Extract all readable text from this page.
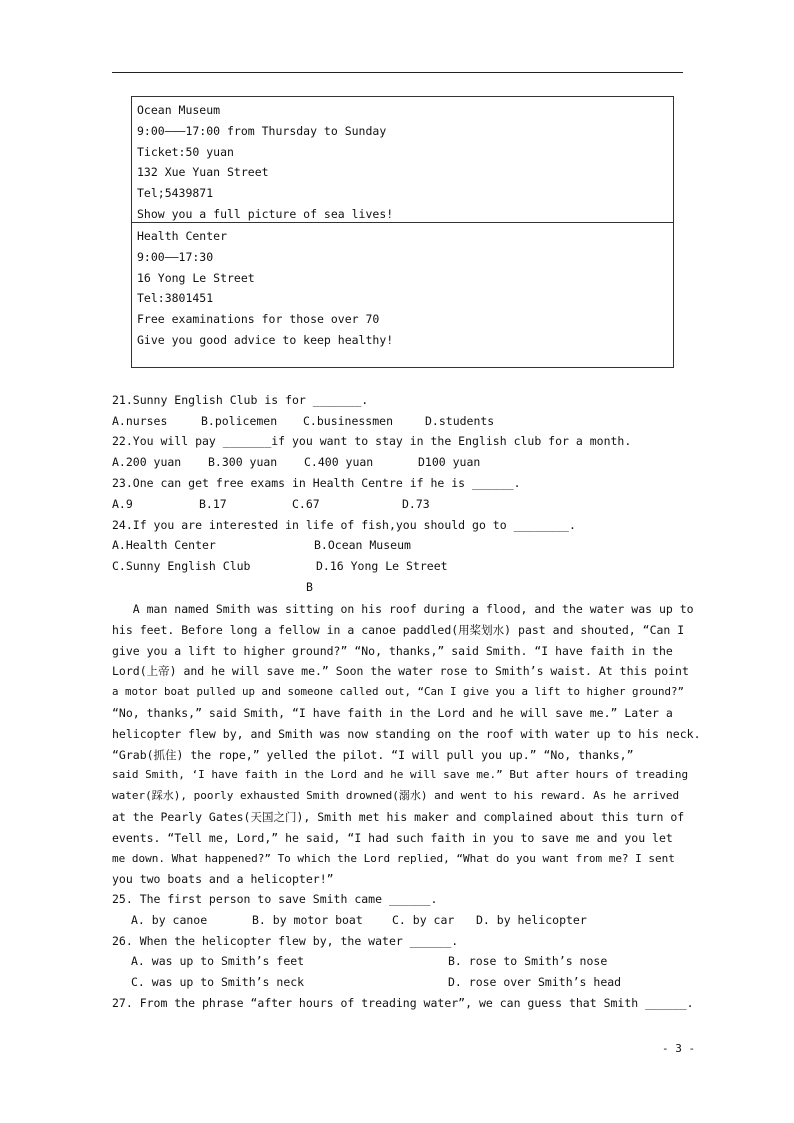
Ocean Museum
9:00———17:00 from Thursday to Sunday
Ticket:50 yuan
132 Xue Yuan Street
Tel;5439871
Show you a full picture of sea lives!
Health Center
9:00——17:30
16 Yong Le Street
Tel:3801451
Free examinations for those over 70
Give you good advice to keep healthy!
21.Sunny English Club is for _______.
A.nurses	B.policemen C.businessmen	D.students
22.You will pay _______if you want to stay in the English club for a month.
A.200 yuan B.300 yuan C.400 yuan	D100 yuan
23.One can get free exams in Health Centre if he is ______.
A.9	B.17	C.67	D.73
24.If you are interested in life of fish,you should go to ________.
A.Health Center	B.Ocean Museum
C.Sunny English Club	D.16 Yong Le Street
B
A man named Smith was sitting on his roof during a flood, and the water was up to
his feet. Before long a fellow in a canoe paddled(用桨划水) past and shouted, “Can I
give you a lift to higher ground?” “No, thanks,” said Smith. “I have faith in the
Lord(上帝) and he will save me.” Soon the water rose to Smith’s waist. At this point
a motor boat pulled up and someone called out, “Can I give you a lift to higher ground?”
“No, thanks,” said Smith, “I have faith in the Lord and he will save me.” Later a
helicopter flew by, and Smith was now standing on the roof with water up to his neck.
“Grab(抓住) the rope,” yelled the pilot. “I will pull you up.” “No, thanks,”
said Smith, ‘I have faith in the Lord and he will save me.” But after hours of treading
water(踩水), poorly exhausted Smith drowned(溺水) and went to his reward. As he arrived
at the Pearly Gates(天国之门), Smith met his maker and complained about this turn of
events. “Tell me, Lord,” he said, “I had such faith in you to save me and you let
me down. What happened?” To which the Lord replied, “What do you want from me? I sent
you two boats and a helicopter!”
25. The first person to save Smith came ______.
A. by canoe	B. by motor boat	C. by car D. by helicopter
26. When the helicopter flew by, the water ______.
A. was up to Smith’s feet	B. rose to Smith’s nose
C. was up to Smith’s neck	D. rose over Smith’s head
27. From the phrase “after hours of treading water”, we can guess that Smith ______.
- 3 -
